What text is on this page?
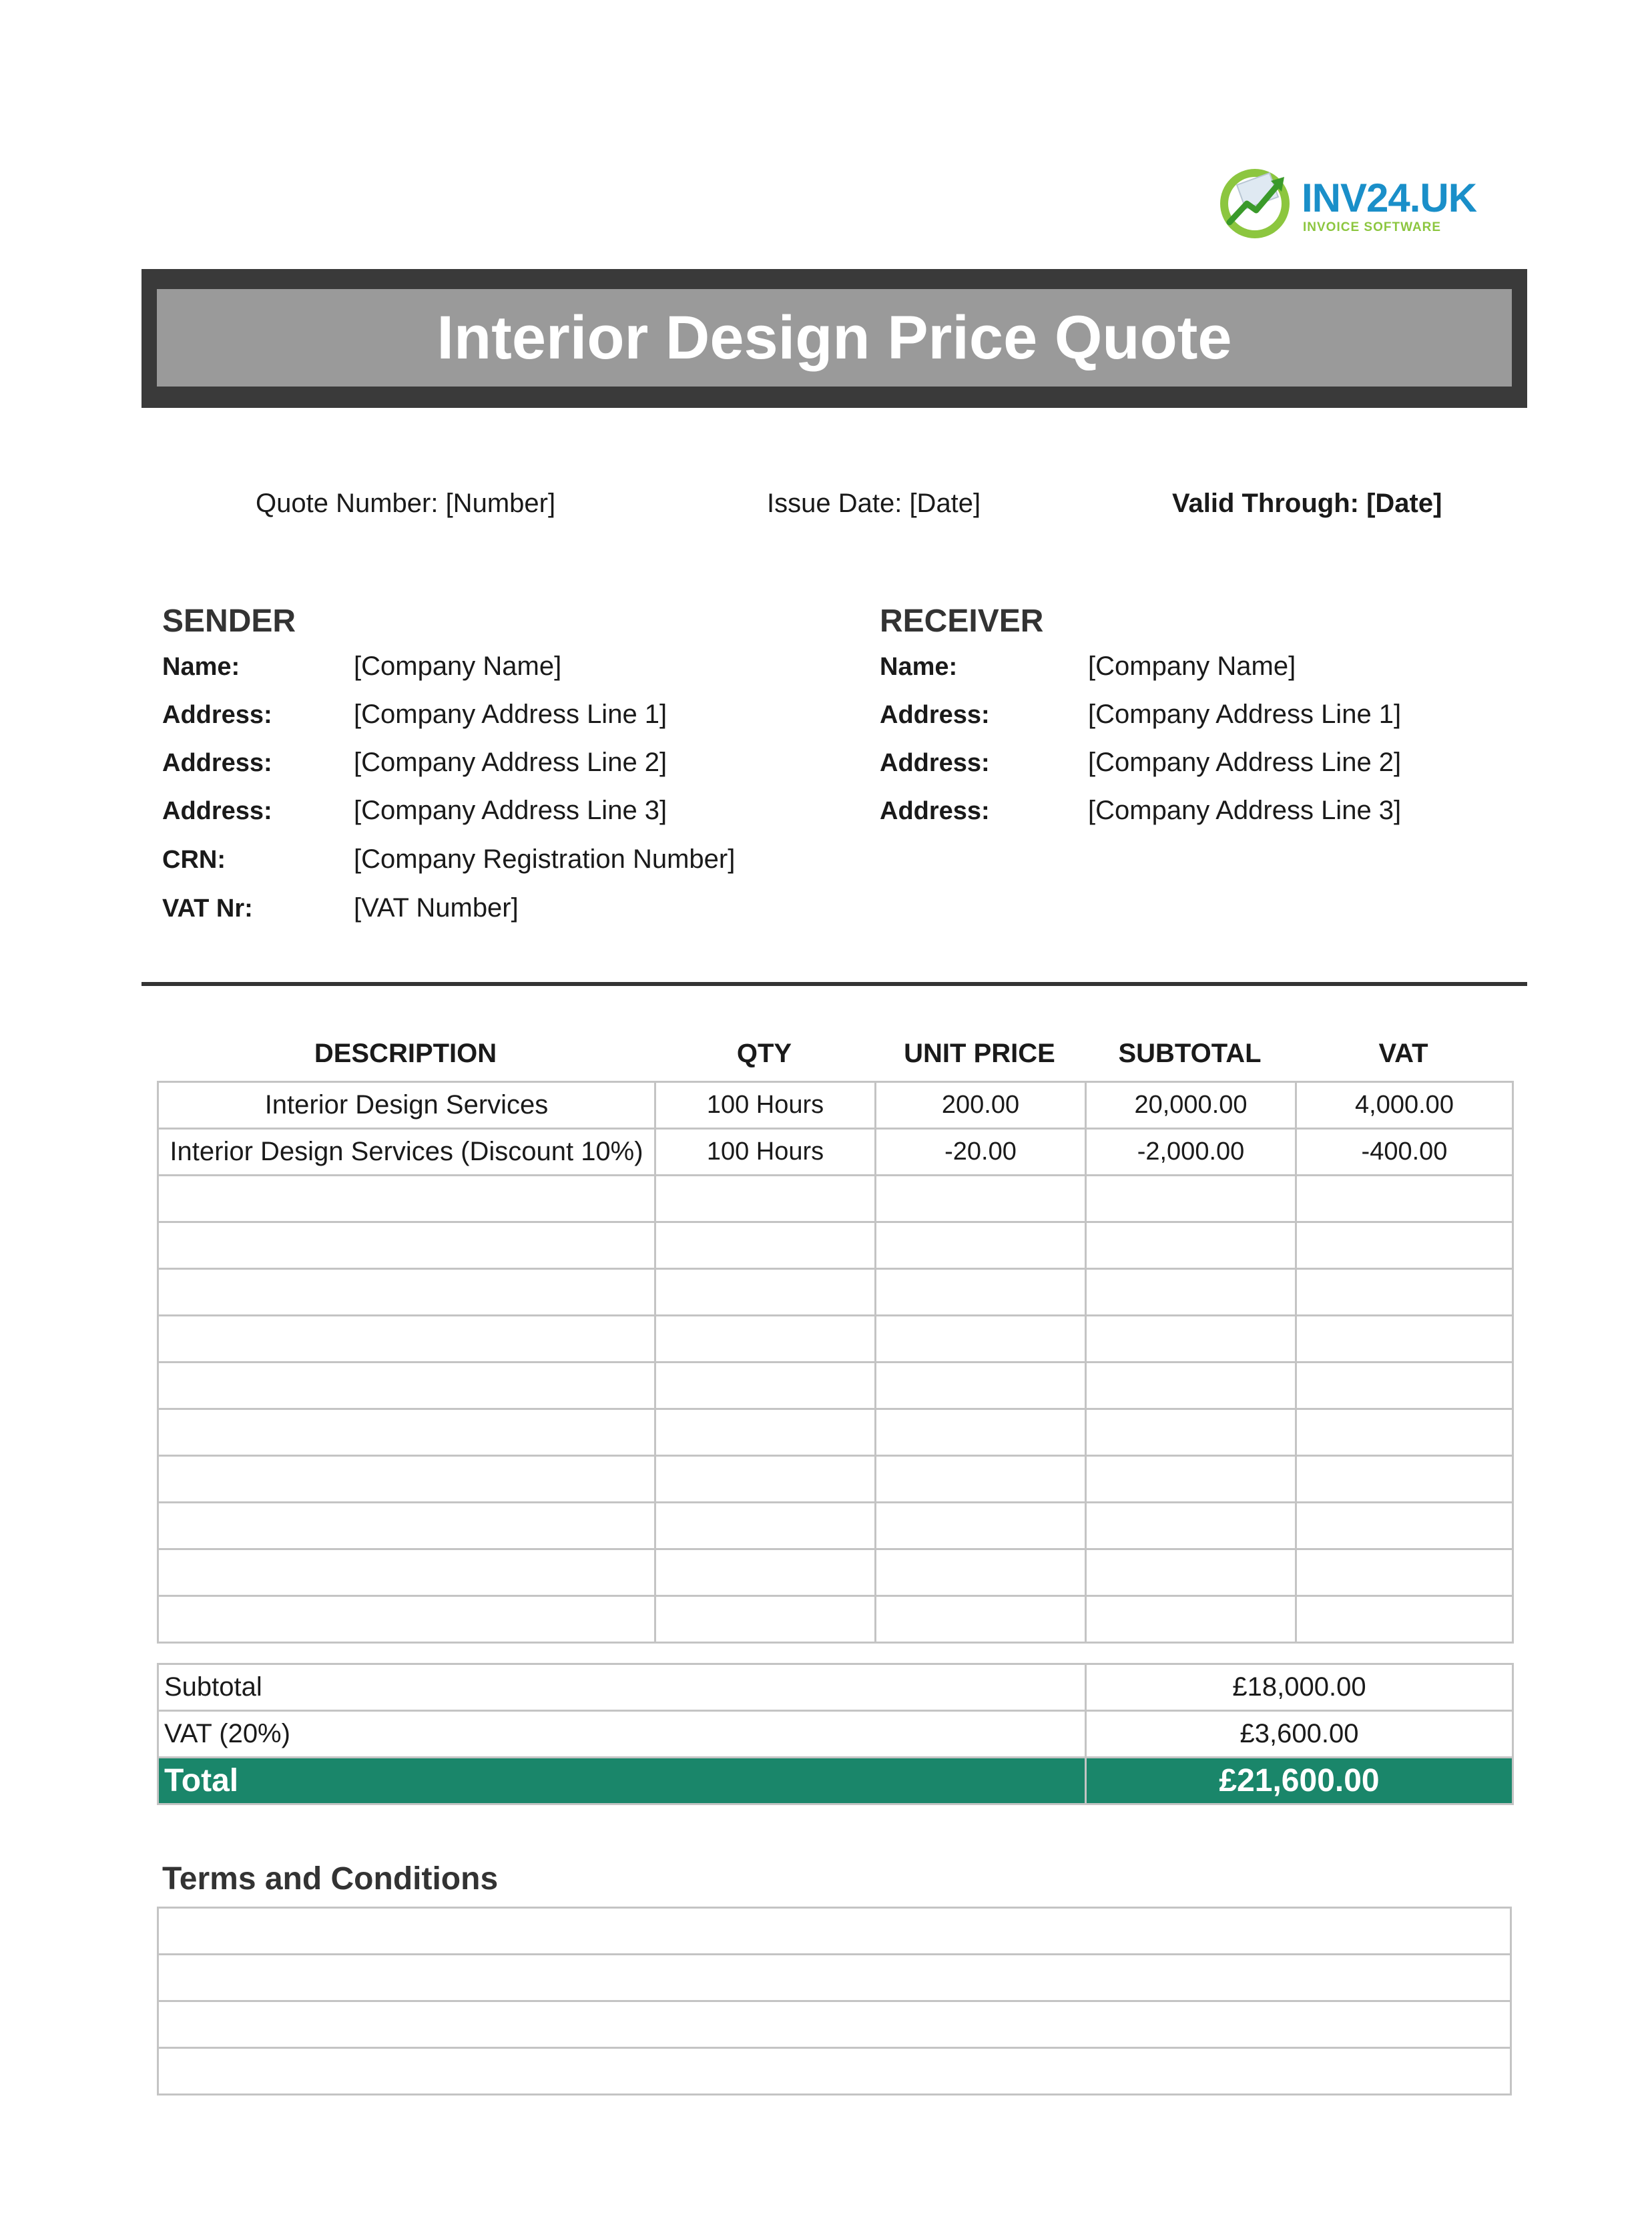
INV24.UK
INVOICE SOFTWARE
Interior Design Price Quote
Quote Number: [Number]	Issue Date: [Date]	Valid Through: [Date]
SENDER
Name:	[Company Name]
Address:	[Company Address Line 1]
Address:	[Company Address Line 2]
Address:	[Company Address Line 3]
CRN:	[Company Registration Number]
VAT Nr:	[VAT Number]
RECEIVER
Name:	[Company Name]
Address:	[Company Address Line 1]
Address:	[Company Address Line 2]
Address:	[Company Address Line 3]
DESCRIPTION	QTY	UNIT PRICE	SUBTOTAL	VAT
Interior Design Services	100 Hours	200.00	20,000.00	4,000.00
Interior Design Services (Discount 10%)	100 Hours	-20.00	-2,000.00	-400.00

Subtotal	£18,000.00
VAT (20%)	£3,600.00
Total	£21,600.00
Terms and Conditions
